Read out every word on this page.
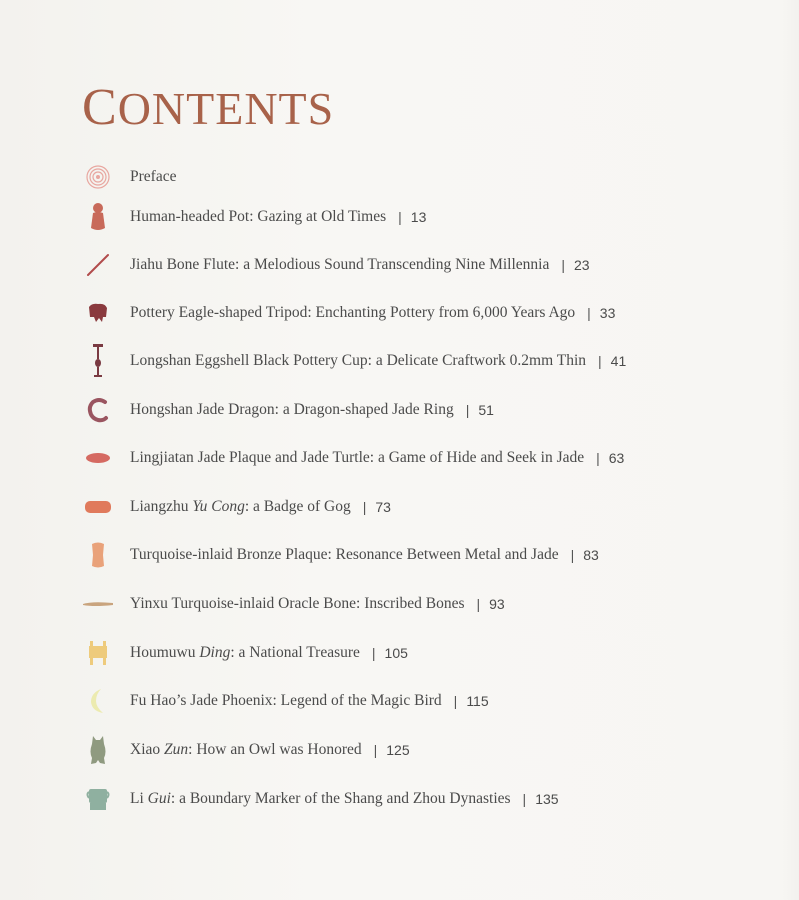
CONTENTS
Preface
Human-headed Pot: Gazing at Old Times | 13
Jiahu Bone Flute: a Melodious Sound Transcending Nine Millennia | 23
Pottery Eagle-shaped Tripod: Enchanting Pottery from 6,000 Years Ago | 33
Longshan Eggshell Black Pottery Cup: a Delicate Craftwork 0.2mm Thin | 41
Hongshan Jade Dragon: a Dragon-shaped Jade Ring | 51
Lingjiatan Jade Plaque and Jade Turtle: a Game of Hide and Seek in Jade | 63
Liangzhu Yu Cong: a Badge of Gog | 73
Turquoise-inlaid Bronze Plaque: Resonance Between Metal and Jade | 83
Yinxu Turquoise-inlaid Oracle Bone: Inscribed Bones | 93
Houmuwu Ding: a National Treasure | 105
Fu Hao’s Jade Phoenix: Legend of the Magic Bird | 115
Xiao Zun: How an Owl was Honored | 125
Li Gui: a Boundary Marker of the Shang and Zhou Dynasties | 135
